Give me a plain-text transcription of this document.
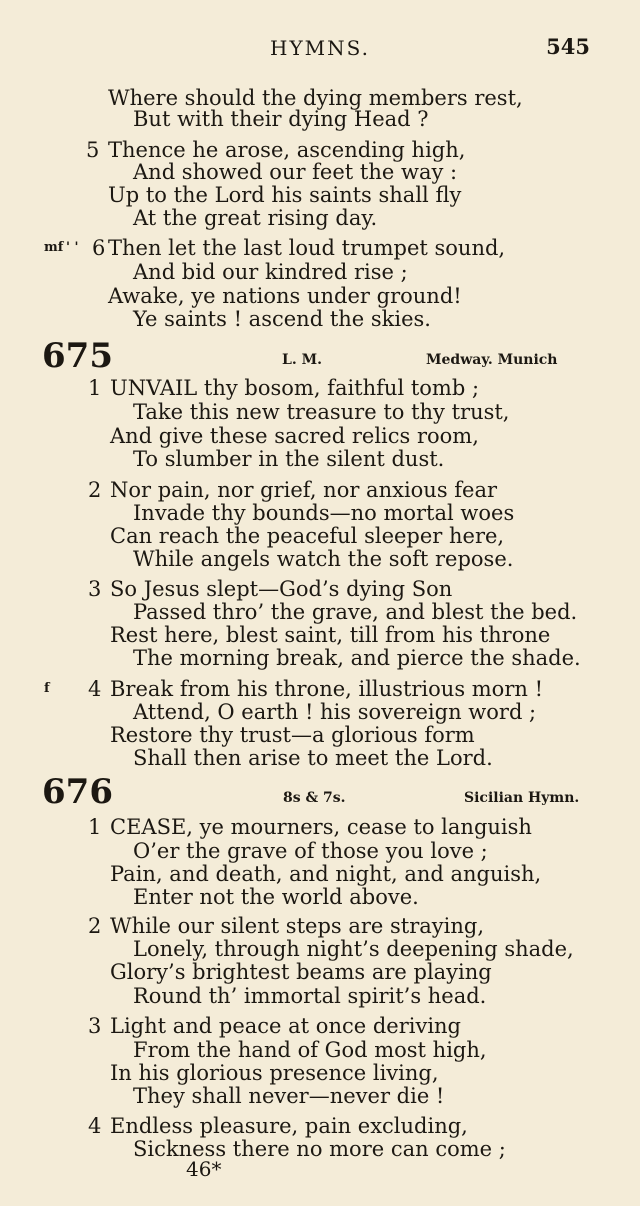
HYMNS.	545
Where should the dying members rest,
But with their dying Head ?
5 Thence he arose, ascending high,
And showed our feet the way :
Up to the Lord his saints shall fly
At the great rising day.
mf ' ' 6 Then let the last loud trumpet sound,
And bid our kindred rise ;
Awake, ye nations under ground!
Ye saints ! ascend the skies.
675	L. M.	Medway. Munich
1 UNVAIL thy bosom, faithful tomb ;
Take this new treasure to thy trust,
And give these sacred relics room,
To slumber in the silent dust.
2 Nor pain, nor grief, nor anxious fear
Invade thy bounds—no mortal woes
Can reach the peaceful sleeper here,
While angels watch the soft repose.
3 So Jesus slept—God’s dying Son
Passed thro’ the grave, and blest the bed.
Rest here, blest saint, till from his throne
The morning break, and pierce the shade.
f 4 Break from his throne, illustrious morn !
Attend, O earth ! his sovereign word ;
Restore thy trust—a glorious form
Shall then arise to meet the Lord.
676	8s & 7s.	Sicilian Hymn.
1 CEASE, ye mourners, cease to languish
O’er the grave of those you love ;
Pain, and death, and night, and anguish,
Enter not the world above.
2 While our silent steps are straying,
Lonely, through night’s deepening shade,
Glory’s brightest beams are playing
Round th’ immortal spirit’s head.
3 Light and peace at once deriving
From the hand of God most high,
In his glorious presence living,
They shall never—never die !
4 Endless pleasure, pain excluding,
Sickness there no more can come ;
46*
